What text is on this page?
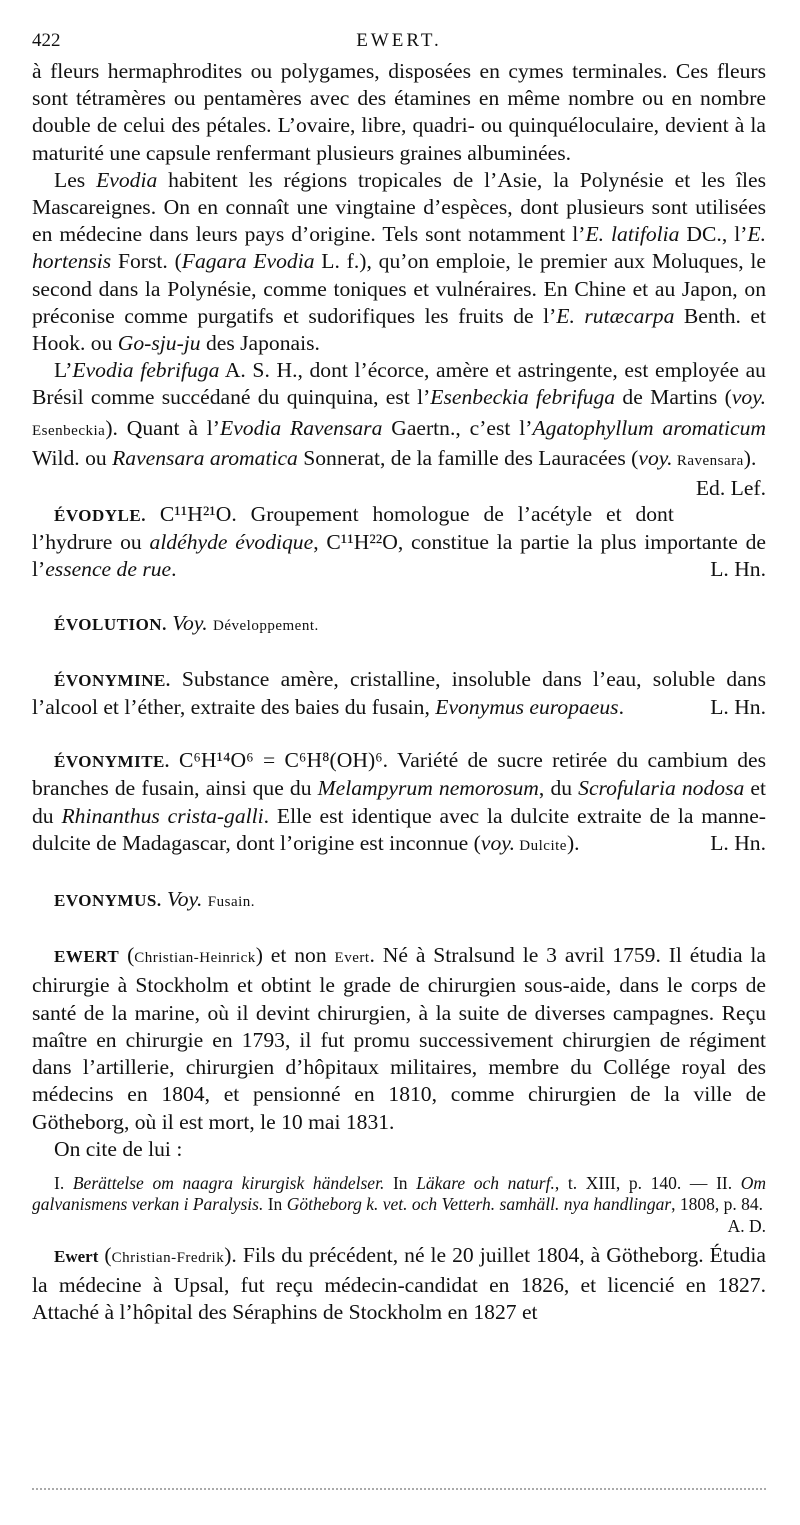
422	EWERT.

à fleurs hermaphrodites ou polygames, disposées en cymes terminales. Ces fleurs sont tétramères ou pentamères avec des étamines en même nombre ou en nombre double de celui des pétales. L’ovaire, libre, quadri- ou quinquéloculaire, devient à la maturité une capsule renfermant plusieurs graines albuminées.

Les Evodia habitent les régions tropicales de l’Asie, la Polynésie et les îles Mascareignes. On en connaît une vingtaine d’espèces, dont plusieurs sont utilisées en médecine dans leurs pays d’origine. Tels sont notamment l’E. latifolia DC., l’E. hortensis Forst. (Fagara Evodia L. f.), qu’on emploie, le premier aux Moluques, le second dans la Polynésie, comme toniques et vulnéraires. En Chine et au Japon, on préconise comme purgatifs et sudorifiques les fruits de l’E. rutæcarpa Benth. et Hook. ou Go-sju-ju des Japonais.

L’Evodia febrifuga A. S. H., dont l’écorce, amère et astringente, est employée au Brésil comme succédané du quinquina, est l’Esenbeckia febrifuga de Martins (voy. Esenbeckia). Quant à l’Evodia Ravensara Gaertn., c’est l’Agatophyllum aromaticum Wild. ou Ravensara aromatica Sonnerat, de la famille des Lauracées (voy. Ravensara).
Ed. Lef.

ÉVODYLE. C¹¹H²¹O. Groupement homologue de l’acétyle et dont l’hydrure ou aldéhyde évodique, C¹¹H²²O, constitue la partie la plus importante de l’essence de rue.	L. Hn.

ÉVOLUTION. Voy. Développement.

ÉVONYMINE. Substance amère, cristalline, insoluble dans l’eau, soluble dans l’alcool et l’éther, extraite des baies du fusain, Evonymus europaeus.	L. Hn.

ÉVONYMITE. C⁶H¹⁴O⁶ = C⁶H⁸(OH)⁶. Variété de sucre retirée du cambium des branches de fusain, ainsi que du Melampyrum nemorosum, du Scrofularia nodosa et du Rhinanthus crista-galli. Elle est identique avec la dulcite extraite de la manne-dulcite de Madagascar, dont l’origine est inconnue (voy. Dulcite).	L. Hn.

EVONYMUS. Voy. Fusain.

EWERT (Christian-Heinrick) et non Evert. Né à Stralsund le 3 avril 1759. Il étudia la chirurgie à Stockholm et obtint le grade de chirurgien sous-aide, dans le corps de santé de la marine, où il devint chirurgien, à la suite de diverses campagnes. Reçu maître en chirurgie en 1793, il fut promu successivement chirurgien de régiment dans l’artillerie, chirurgien d’hôpitaux militaires, membre du Collége royal des médecins en 1804, et pensionné en 1810, comme chirurgien de la ville de Götheborg, où il est mort, le 10 mai 1831.

On cite de lui :

I. Berättelse om naagra kirurgisk händelser. In Läkare och naturf., t. XIII, p. 140. — II. Om galvanismens verkan i Paralysis. In Götheborg k. vet. och Vetterh. samhäll. nya handlingar, 1808, p. 84.
A. D.

Ewert (Christian-Fredrik). Fils du précédent, né le 20 juillet 1804, à Götheborg. Étudia la médecine à Upsal, fut reçu médecin-candidat en 1826, et licencié en 1827. Attaché à l’hôpital des Séraphins de Stockholm en 1827 et
